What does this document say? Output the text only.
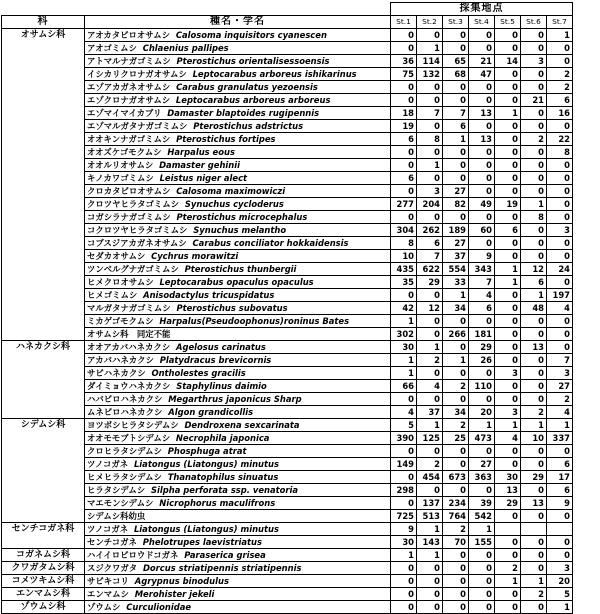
		採集地点						
科	種名・学名	St.1	St.2	St.3	St.4	St.5	St.6	St.7
オサムシ科	アオカタビロオサムシ Calosoma inquisitors cyanescen	0	0	0	0	0	0	1
	アオゴミムシ Chlaenius pallipes	0	1	0	0	0	0	0
	アトマルナガゴミムシ Pterostichus orientalisessoensis	36	114	65	21	14	3	0
	イシカリクロナガオサムシ Leptocarabus arboreus ishikarinus	75	132	68	47	0	0	2
	エゾアカガネオサムシ Carabus granulatus yezoensis	0	0	0	0	0	0	2
	エゾクロナガオサムシ Leptocarabus arboreus arboreus	0	0	0	0	0	21	6
	エゾマイマイカブリ Damaster blaptoides rugipennis	18	7	7	13	1	0	16
	エゾマルガタナガゴミムシ Pterostichus adstrictus	19	0	6	0	0	0	0
	オオキンナガゴミムシ Pterostichus fortipes	6	8	1	13	0	2	22
	オオズケゴモクムシ Harpalus eous	0	0	0	0	0	0	8
	オオルリオサムシ Damaster gehinii	0	1	0	0	0	0	0
	キノカワゴミムシ Leistus niger alect	6	0	0	0	0	0	0
	クロカタビロオサムシ Calosoma maximowiczi	0	3	27	0	0	0	0
	クロツヤヒラタゴミムシ Synuchus cycloderus	277	204	82	49	19	1	0
	コガシラナガゴミムシ Pterostichus microcephalus	0	0	0	0	0	8	0
	コクロツヤヒラタゴミムシ Synuchus melantho	304	262	189	60	6	0	3
	コブスジアカガネオサムシ Carabus conciliator hokkaidensis	8	6	27	0	0	0	0
	セダカオサムシ Cychrus morawitzi	10	7	37	9	0	0	0
	ツンベルグナガゴミムシ Pterostichus thunbergii	435	622	554	343	1	12	24
	ヒメクロオサムシ Leptocarabus opaculus opaculus	35	29	33	7	1	6	0
	ヒメゴミムシ Anisodactylus tricuspidatus	0	0	1	4	0	1	197
	マルガタナガゴミムシ Pterostichus subovatus	42	12	34	6	0	48	4
	ミカゲゴモクムシ Harpalus(Pseudoophonus)roninus Bates	1	0	0	0	0	0	0
	オサムシ科　同定不能	302	0	266	181	0	0	0
ハネカクシ科	オオアカバハネカクシ Agelosus carinatus	30	1	0	29	0	13	0
	アカバハネカクシ Platydracus brevicornis	1	2	1	26	0	0	7
	サビハネカクシ Ontholestes gracilis	1	0	0	0	3	0	3
	ダイミョウハネカクシ Staphylinus daimio	66	4	2	110	0	0	27
	ハバビロハネカクシ Megarthrus japonicus Sharp	0	0	0	0	0	0	2
	ムネビロハネカクシ Algon grandicollis	4	37	34	20	3	2	4
シデムシ科	ヨツボシヒラタシデムシ Dendroxena sexcarinata	5	1	2	1	1	1	1
	オオモモブトシデムシ Necrophila japonica	390	125	25	473	4	10	337
	クロヒラタシデムシ Phosphuga atrat	0	0	0	0	0	0	0
	ツノコガネ Liatongus (Liatongus) minutus	149	2	0	27	0	0	6
	ヒメヒラタシデムシ Thanatophilus sinuatus	0	454	673	363	30	29	17
	ヒラタシデムシ Silpha perforata ssp. venatoria	298	0	0	0	13	0	6
	マエモンシデムシ Nicrophorus maculifrons	0	137	234	39	29	13	9
	シデムシ科幼虫	725	513	764	542	0	0	0
センチコガネ科	ツノコガネ Liatongus (Liatongus) minutus	9	1	2	1			
	センチコガネ Phelotrupes laevistriatus	30	143	70	155	0	0	0
コガネムシ科	ハイイロビロウドコガネ Paraserica grisea	1	1	0	0	0	0	0
クワガタムシ科	スジクワガタ Dorcus striatipennis striatipennis	0	0	0	0	2	0	3
コメツキムシ科	サビキコリ Agrypnus binodulus	0	0	0	0	1	1	20
エンマムシ科	エンマムシ Merohister jekeli	0	0	0	0	0	2	5
ゾウムシ科	ゾウムシ Curculionidae	0	0	0	0	0	0	1
